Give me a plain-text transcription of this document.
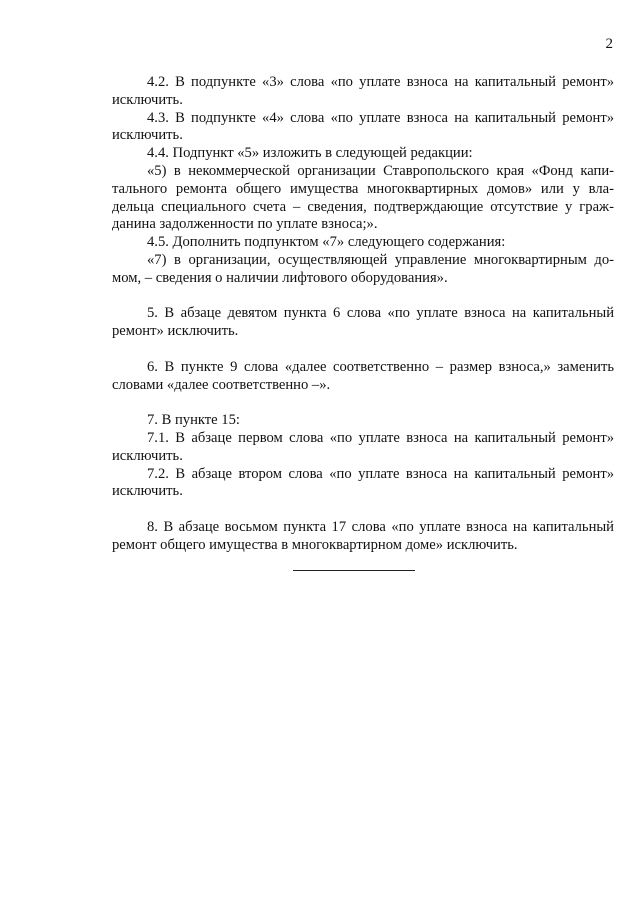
2
4.2. В подпункте «3» слова «по уплате взноса на капитальный ремонт»
исключить.
4.3. В подпункте «4» слова «по уплате взноса на капитальный ремонт»
исключить.
4.4. Подпункт «5» изложить в следующей редакции:
«5) в некоммерческой организации Ставропольского края «Фонд капи-
тального ремонта общего имущества многоквартирных домов» или у вла-
дельца специального счета – сведения, подтверждающие отсутствие у граж-
данина задолженности по уплате взноса;».
4.5. Дополнить подпунктом «7» следующего содержания:
«7) в организации, осуществляющей управление многоквартирным до-
мом, – сведения о наличии лифтового оборудования».
5. В абзаце девятом пункта 6 слова «по уплате взноса на капитальный
ремонт» исключить.
6. В пункте 9 слова «далее соответственно – размер взноса,» заменить
словами «далее соответственно –».
7. В пункте 15:
7.1. В абзаце первом слова «по уплате взноса на капитальный ремонт»
исключить.
7.2. В абзаце втором слова «по уплате взноса на капитальный ремонт»
исключить.
8. В абзаце восьмом пункта 17 слова «по уплате взноса на капитальный
ремонт общего имущества в многоквартирном доме» исключить.
